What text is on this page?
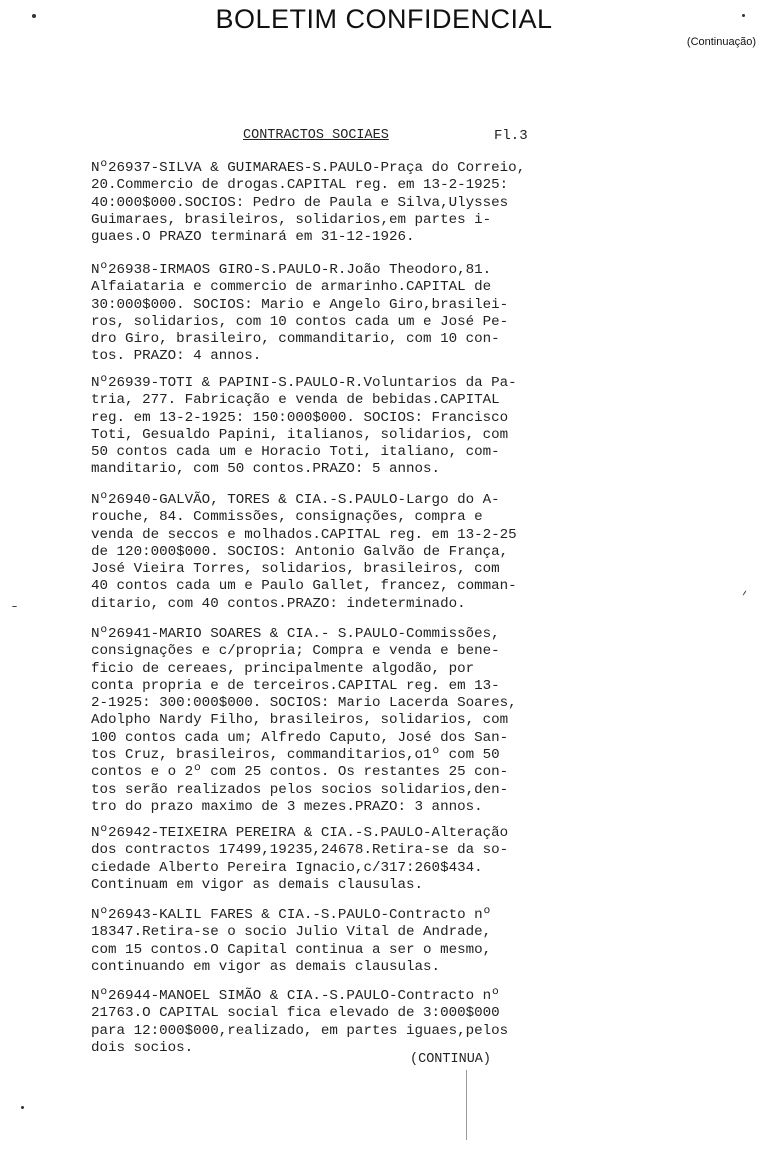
BOLETIM CONFIDENCIAL
(Continuação)
CONTRACTOS SOCIAES	Fl.3

Nº26937-SILVA & GUIMARAES-S.PAULO-Praça do Correio,
20.Commercio de drogas.CAPITAL reg. em 13-2-1925:
40:000$000.SOCIOS: Pedro de Paula e Silva,Ulysses
Guimaraes, brasileiros, solidarios,em partes i-
guaes.O PRAZO terminará em 31-12-1926.

Nº26938-IRMAOS GIRO-S.PAULO-R.João Theodoro,81.
Alfaiataria e commercio de armarinho.CAPITAL de
30:000$000. SOCIOS: Mario e Angelo Giro,brasilei-
ros, solidarios, com 10 contos cada um e José Pe-
dro Giro, brasileiro, commanditario, com 10 con-
tos. PRAZO: 4 annos.

Nº26939-TOTI & PAPINI-S.PAULO-R.Voluntarios da Pa-
tria, 277. Fabricação e venda de bebidas.CAPITAL
reg. em 13-2-1925: 150:000$000. SOCIOS: Francisco
Toti, Gesualdo Papini, italianos, solidarios, com
50 contos cada um e Horacio Toti, italiano, com-
manditario, com 50 contos.PRAZO: 5 annos.

Nº26940-GALVÃO, TORES & CIA.-S.PAULO-Largo do A-
rouche, 84. Commissões, consignações, compra e
venda de seccos e molhados.CAPITAL reg. em 13-2-25
de 120:000$000. SOCIOS: Antonio Galvão de França,
José Vieira Torres, solidarios, brasileiros, com
40 contos cada um e Paulo Gallet, francez, comman-
ditario, com 40 contos.PRAZO: indeterminado.

Nº26941-MARIO SOARES & CIA.- S.PAULO-Commissões,
consignações e c/propria; Compra e venda e bene-
ficio de cereaes, principalmente algodão, por
conta propria e de terceiros.CAPITAL reg. em 13-
2-1925: 300:000$000. SOCIOS: Mario Lacerda Soares,
Adolpho Nardy Filho, brasileiros, solidarios, com
100 contos cada um; Alfredo Caputo, José dos San-
tos Cruz, brasileiros, commanditarios,o1º com 50
contos e o 2º com 25 contos. Os restantes 25 con-
tos serão realizados pelos socios solidarios,den-
tro do prazo maximo de 3 mezes.PRAZO: 3 annos.

Nº26942-TEIXEIRA PEREIRA & CIA.-S.PAULO-Alteração
dos contractos 17499,19235,24678.Retira-se da so-
ciedade Alberto Pereira Ignacio,c/317:260$434.
Continuam em vigor as demais clausulas.

Nº26943-KALIL FARES & CIA.-S.PAULO-Contracto nº
18347.Retira-se o socio Julio Vital de Andrade,
com 15 contos.O Capital continua a ser o mesmo,
continuando em vigor as demais clausulas.

Nº26944-MANOEL SIMÃO & CIA.-S.PAULO-Contracto nº
21763.O CAPITAL social fica elevado de 3:000$000
para 12:000$000,realizado, em partes iguaes,pelos
dois socios.

(CONTINUA)
